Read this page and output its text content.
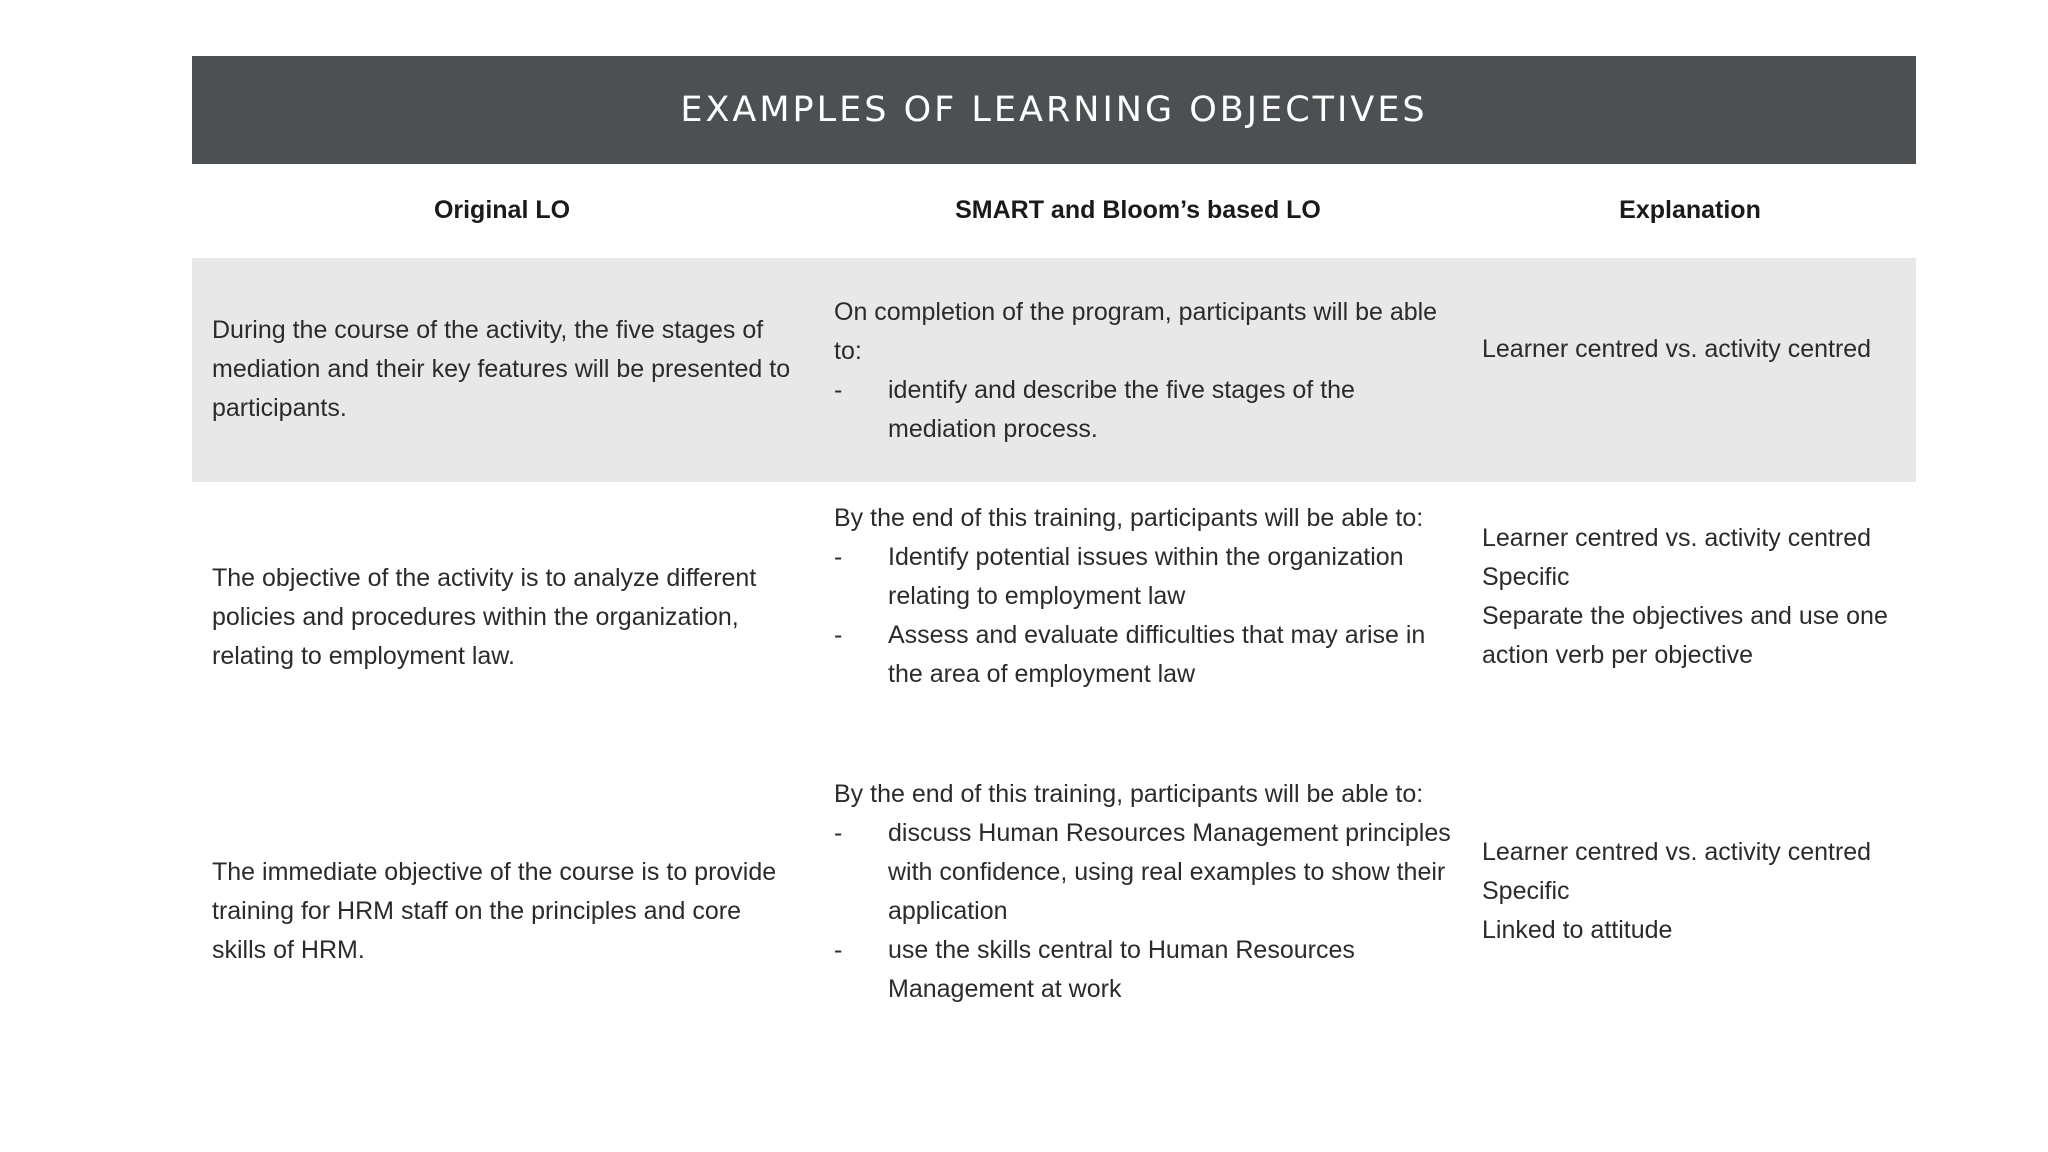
EXAMPLES OF LEARNING OBJECTIVES
Original LO	SMART and Bloom’s based LO	Explanation
During the course of the activity, the five stages of mediation and their key features will be presented to participants.
On completion of the program, participants will be able to:
- identify and describe the five stages of the mediation process.
Learner centred vs. activity centred
The objective of the activity is to analyze different policies and procedures within the organization, relating to employment law.
By the end of this training, participants will be able to:
- Identify potential issues within the organization relating to employment law
- Assess and evaluate difficulties that may arise in the area of employment law
Learner centred vs. activity centred
Specific
Separate the objectives and use one action verb per objective
The immediate objective of the course is to provide training for HRM staff on the principles and core skills of HRM.
By the end of this training, participants will be able to:
- discuss Human Resources Management principles with confidence, using real examples to show their application
- use the skills central to Human Resources Management at work
Learner centred vs. activity centred
Specific
Linked to attitude
